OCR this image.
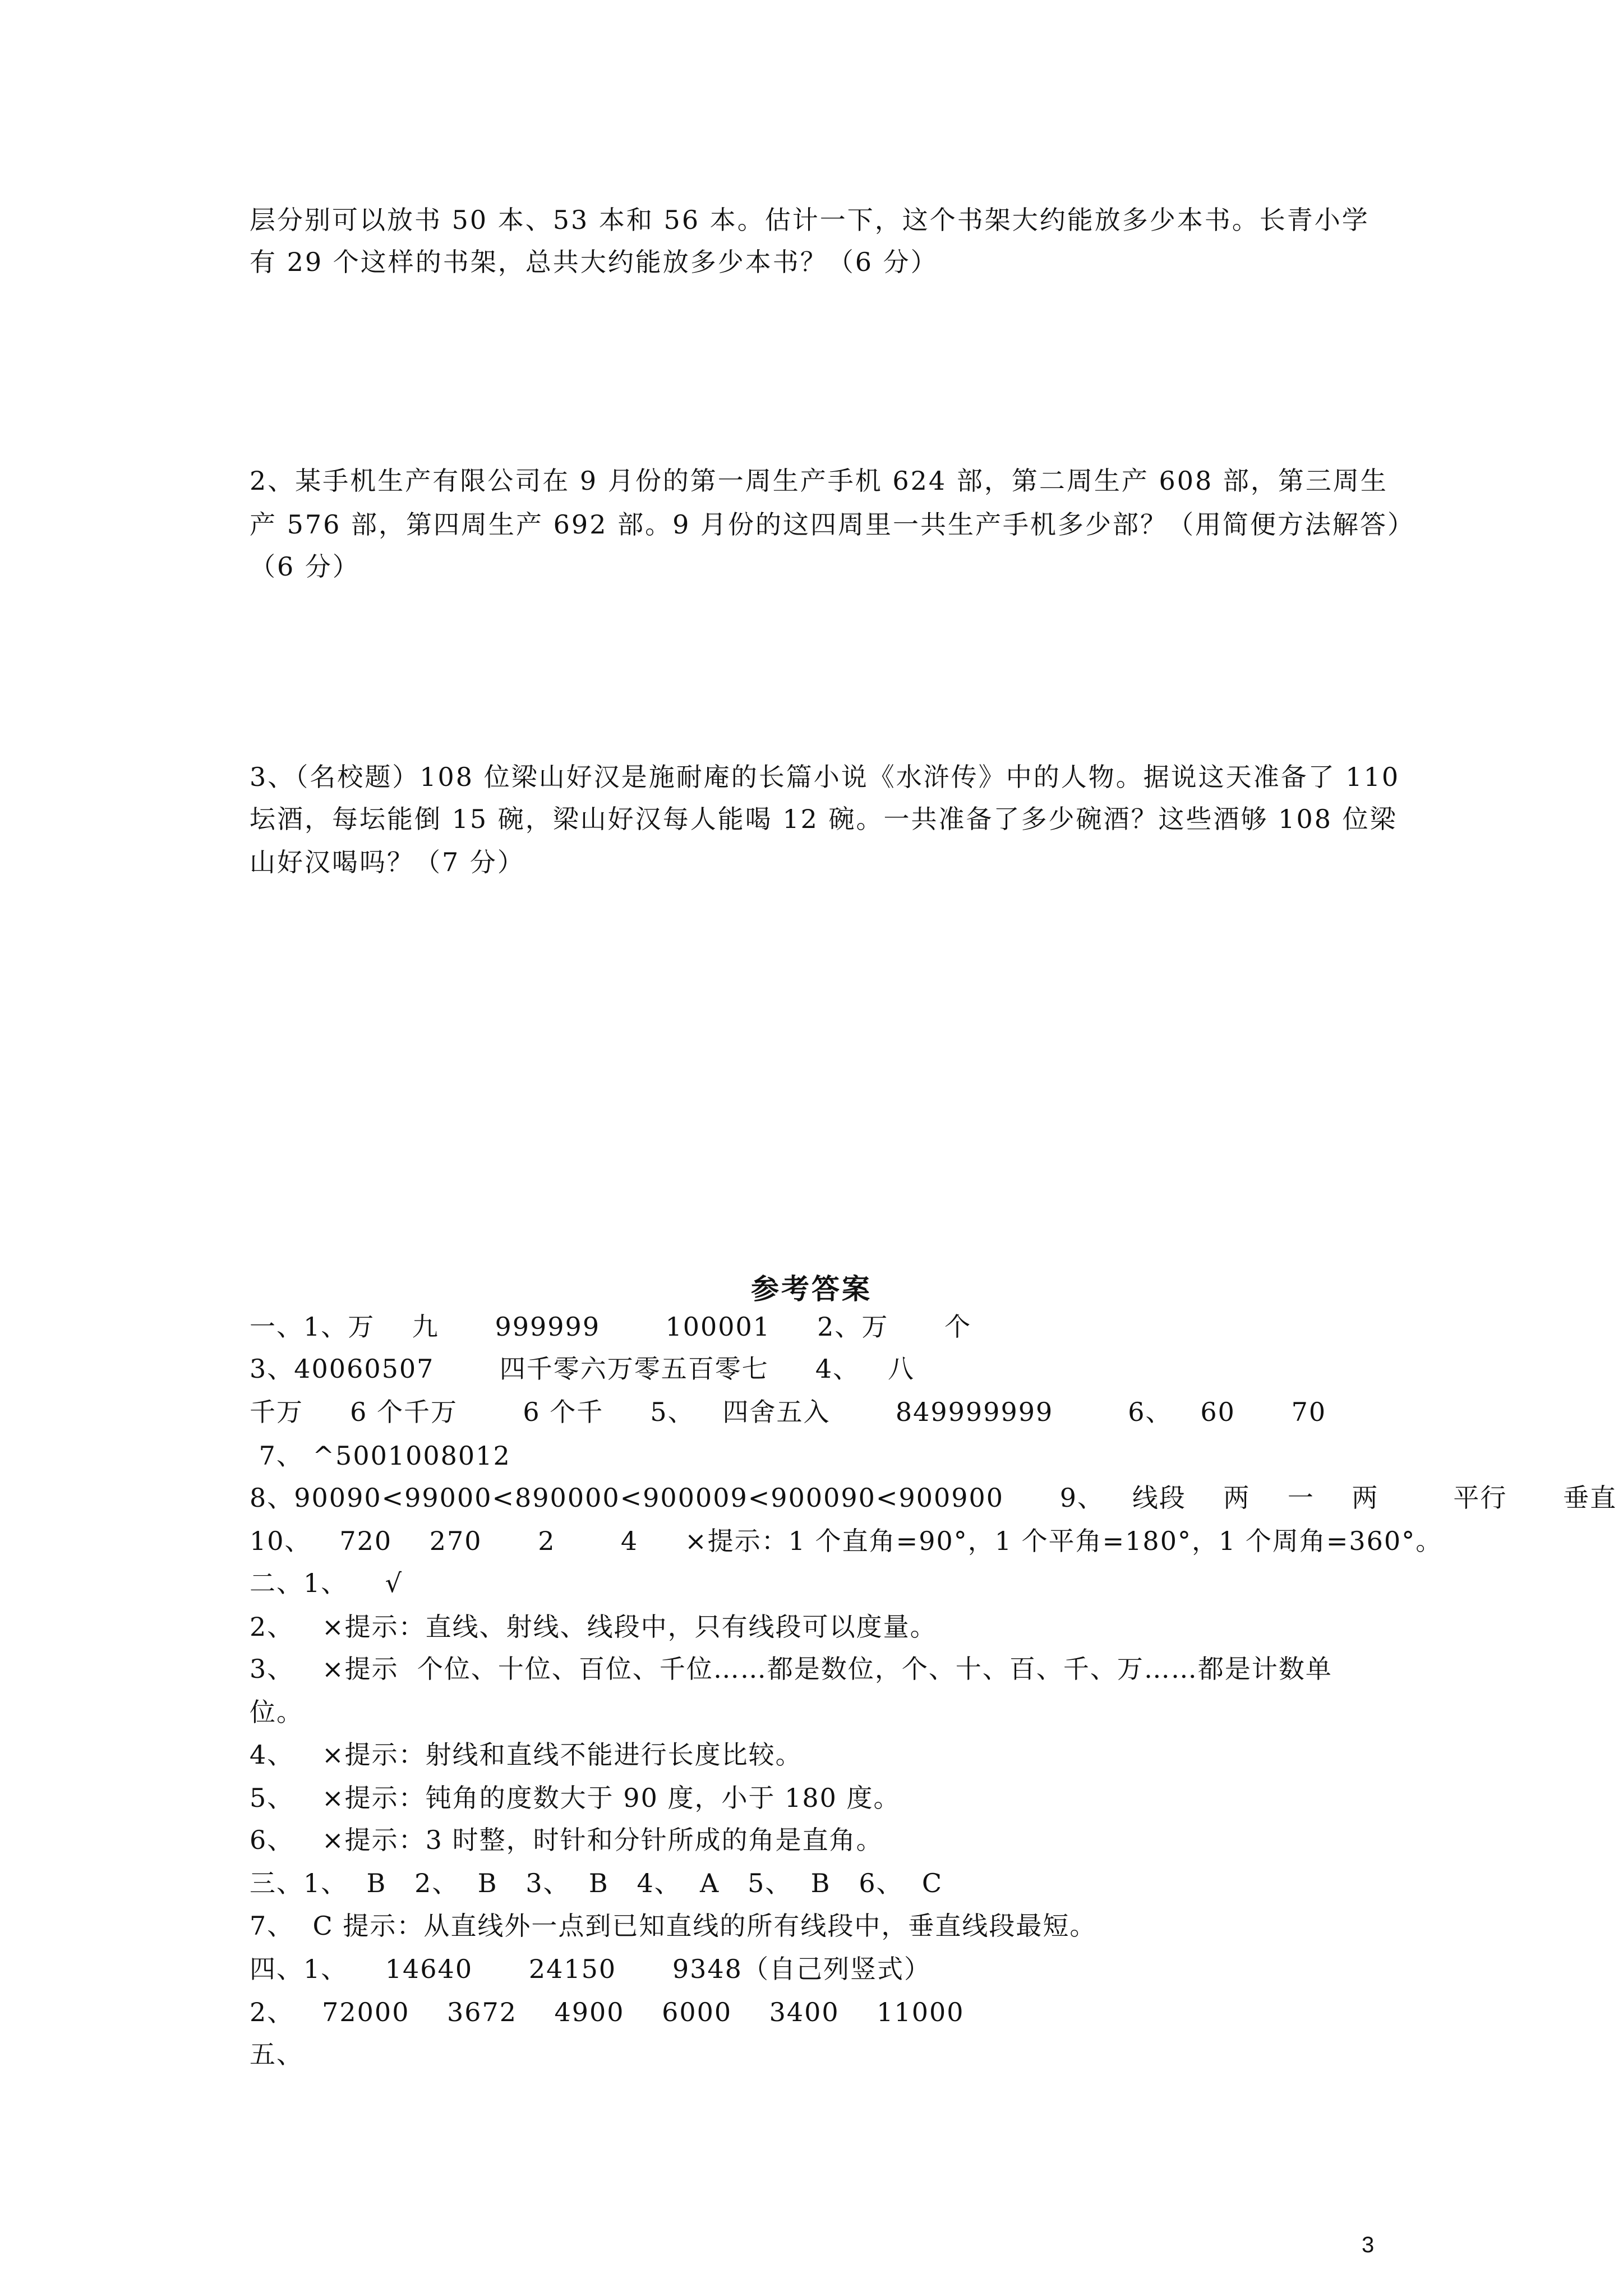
层分别可以放书 50 本、53 本和 56 本。估计一下，这个书架大约能放多少本书。长青小学
有 29 个这样的书架，总共大约能放多少本书？（6 分）
2、某手机生产有限公司在 9 月份的第一周生产手机 624 部，第二周生产 608 部，第三周生
产 576 部，第四周生产 692 部。9 月份的这四周里一共生产手机多少部？（用简便方法解答）
（6 分）
3、（名校题）108 位梁山好汉是施耐庵的长篇小说《水浒传》中的人物。据说这天准备了 110
坛酒，每坛能倒 15 碗，梁山好汉每人能喝 12 碗。一共准备了多少碗酒？这些酒够 108 位梁
山好汉喝吗？（7 分）
参考答案
一、1、万    九      999999       100001     2、万      个
3、40060507       四千零六万零五百零七     4、   八
千万     6 个千万       6 个千     5、   四舍五入       849999999        6、   60      70
7、 ^5001008012
8、90090<99000<890000<900009<900090<900900      9、   线段    两    一    两        平行      垂直
10、   720    270      2       4     ×提示：1 个直角=90°，1 个平角=180°，1 个周角=360°。
二、1、    √
2、   ×提示：直线、射线、线段中，只有线段可以度量。
3、   ×提示  个位、十位、百位、千位……都是数位，个、十、百、千、万……都是计数单
位。
4、   ×提示：射线和直线不能进行长度比较。
5、   ×提示：钝角的度数大于 90 度，小于 180 度。
6、   ×提示：3 时整，时针和分针所成的角是直角。
三、1、  B   2、  B   3、  B   4、  A   5、  B   6、  C
7、  C 提示：从直线外一点到已知直线的所有线段中，垂直线段最短。
四、1、    14640      24150      9348（自己列竖式）
2、   72000    3672    4900    6000    3400    11000
五、
3
